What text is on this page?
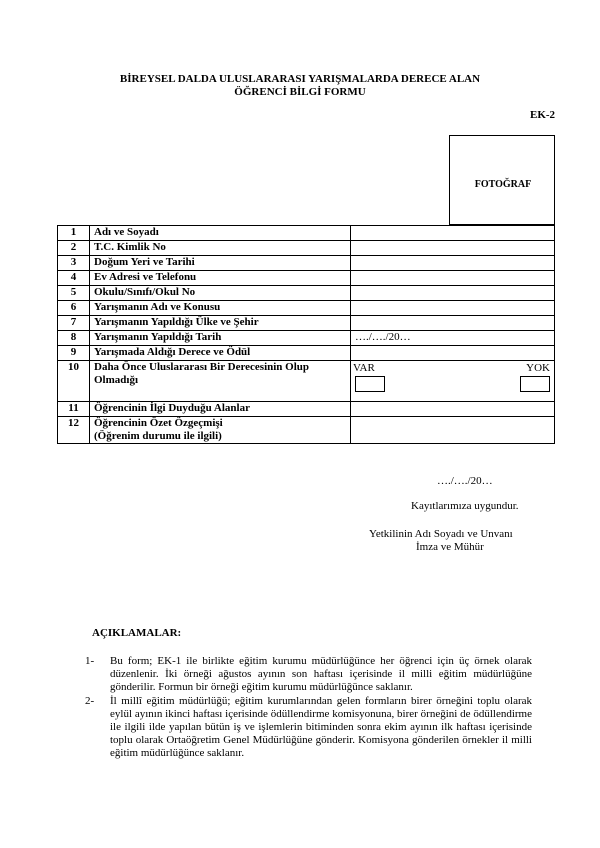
BİREYSEL DALDA ULUSLARARASI YARIŞMALARDA DERECE ALAN
ÖĞRENCİ BİLGİ FORMU
EK-2
FOTOĞRAF
1	Adı ve Soyadı	
2	T.C. Kimlik No	
3	Doğum Yeri ve Tarihi	
4	Ev Adresi ve Telefonu	
5	Okulu/Sınıfı/Okul No	
6	Yarışmanın Adı ve Konusu	
7	Yarışmanın Yapıldığı Ülke ve Şehir	
8	Yarışmanın Yapıldığı Tarih	…./…./20…
9	Yarışmada Aldığı Derece ve Ödül	
10	Daha Önce Uluslararası Bir Derecesinin Olup Olmadığı	VAR YOK

11	Öğrencinin İlgi Duyduğu Alanlar	
12	Öğrencinin Özet Özgeçmişi
(Öğrenim durumu ile ilgili)	

…./…./20…
Kayıtlarımıza uygundur.
Yetkilinin Adı Soyadı ve Unvanı
İmza ve Mühür
AÇIKLAMALAR:
1- Bu form; EK-1 ile birlikte eğitim kurumu müdürlüğünce her öğrenci için üç örnek olarak düzenlenir. İki örneği ağustos ayının son haftası içerisinde il milli eğitim müdürlüğüne gönderilir. Formun bir örneği eğitim kurumu müdürlüğünce saklanır.
2- İl millî eğitim müdürlüğü; eğitim kurumlarından gelen formların birer örneğini toplu olarak eylül ayının ikinci haftası içerisinde ödüllendirme komisyonuna, birer örneğini de ödüllendirme ile ilgili ilde yapılan bütün iş ve işlemlerin bitiminden sonra ekim ayının ilk haftası içerisinde toplu olarak Ortaöğretim Genel Müdürlüğüne gönderir. Komisyona gönderilen örnekler il milli eğitim müdürlüğünce saklanır.
